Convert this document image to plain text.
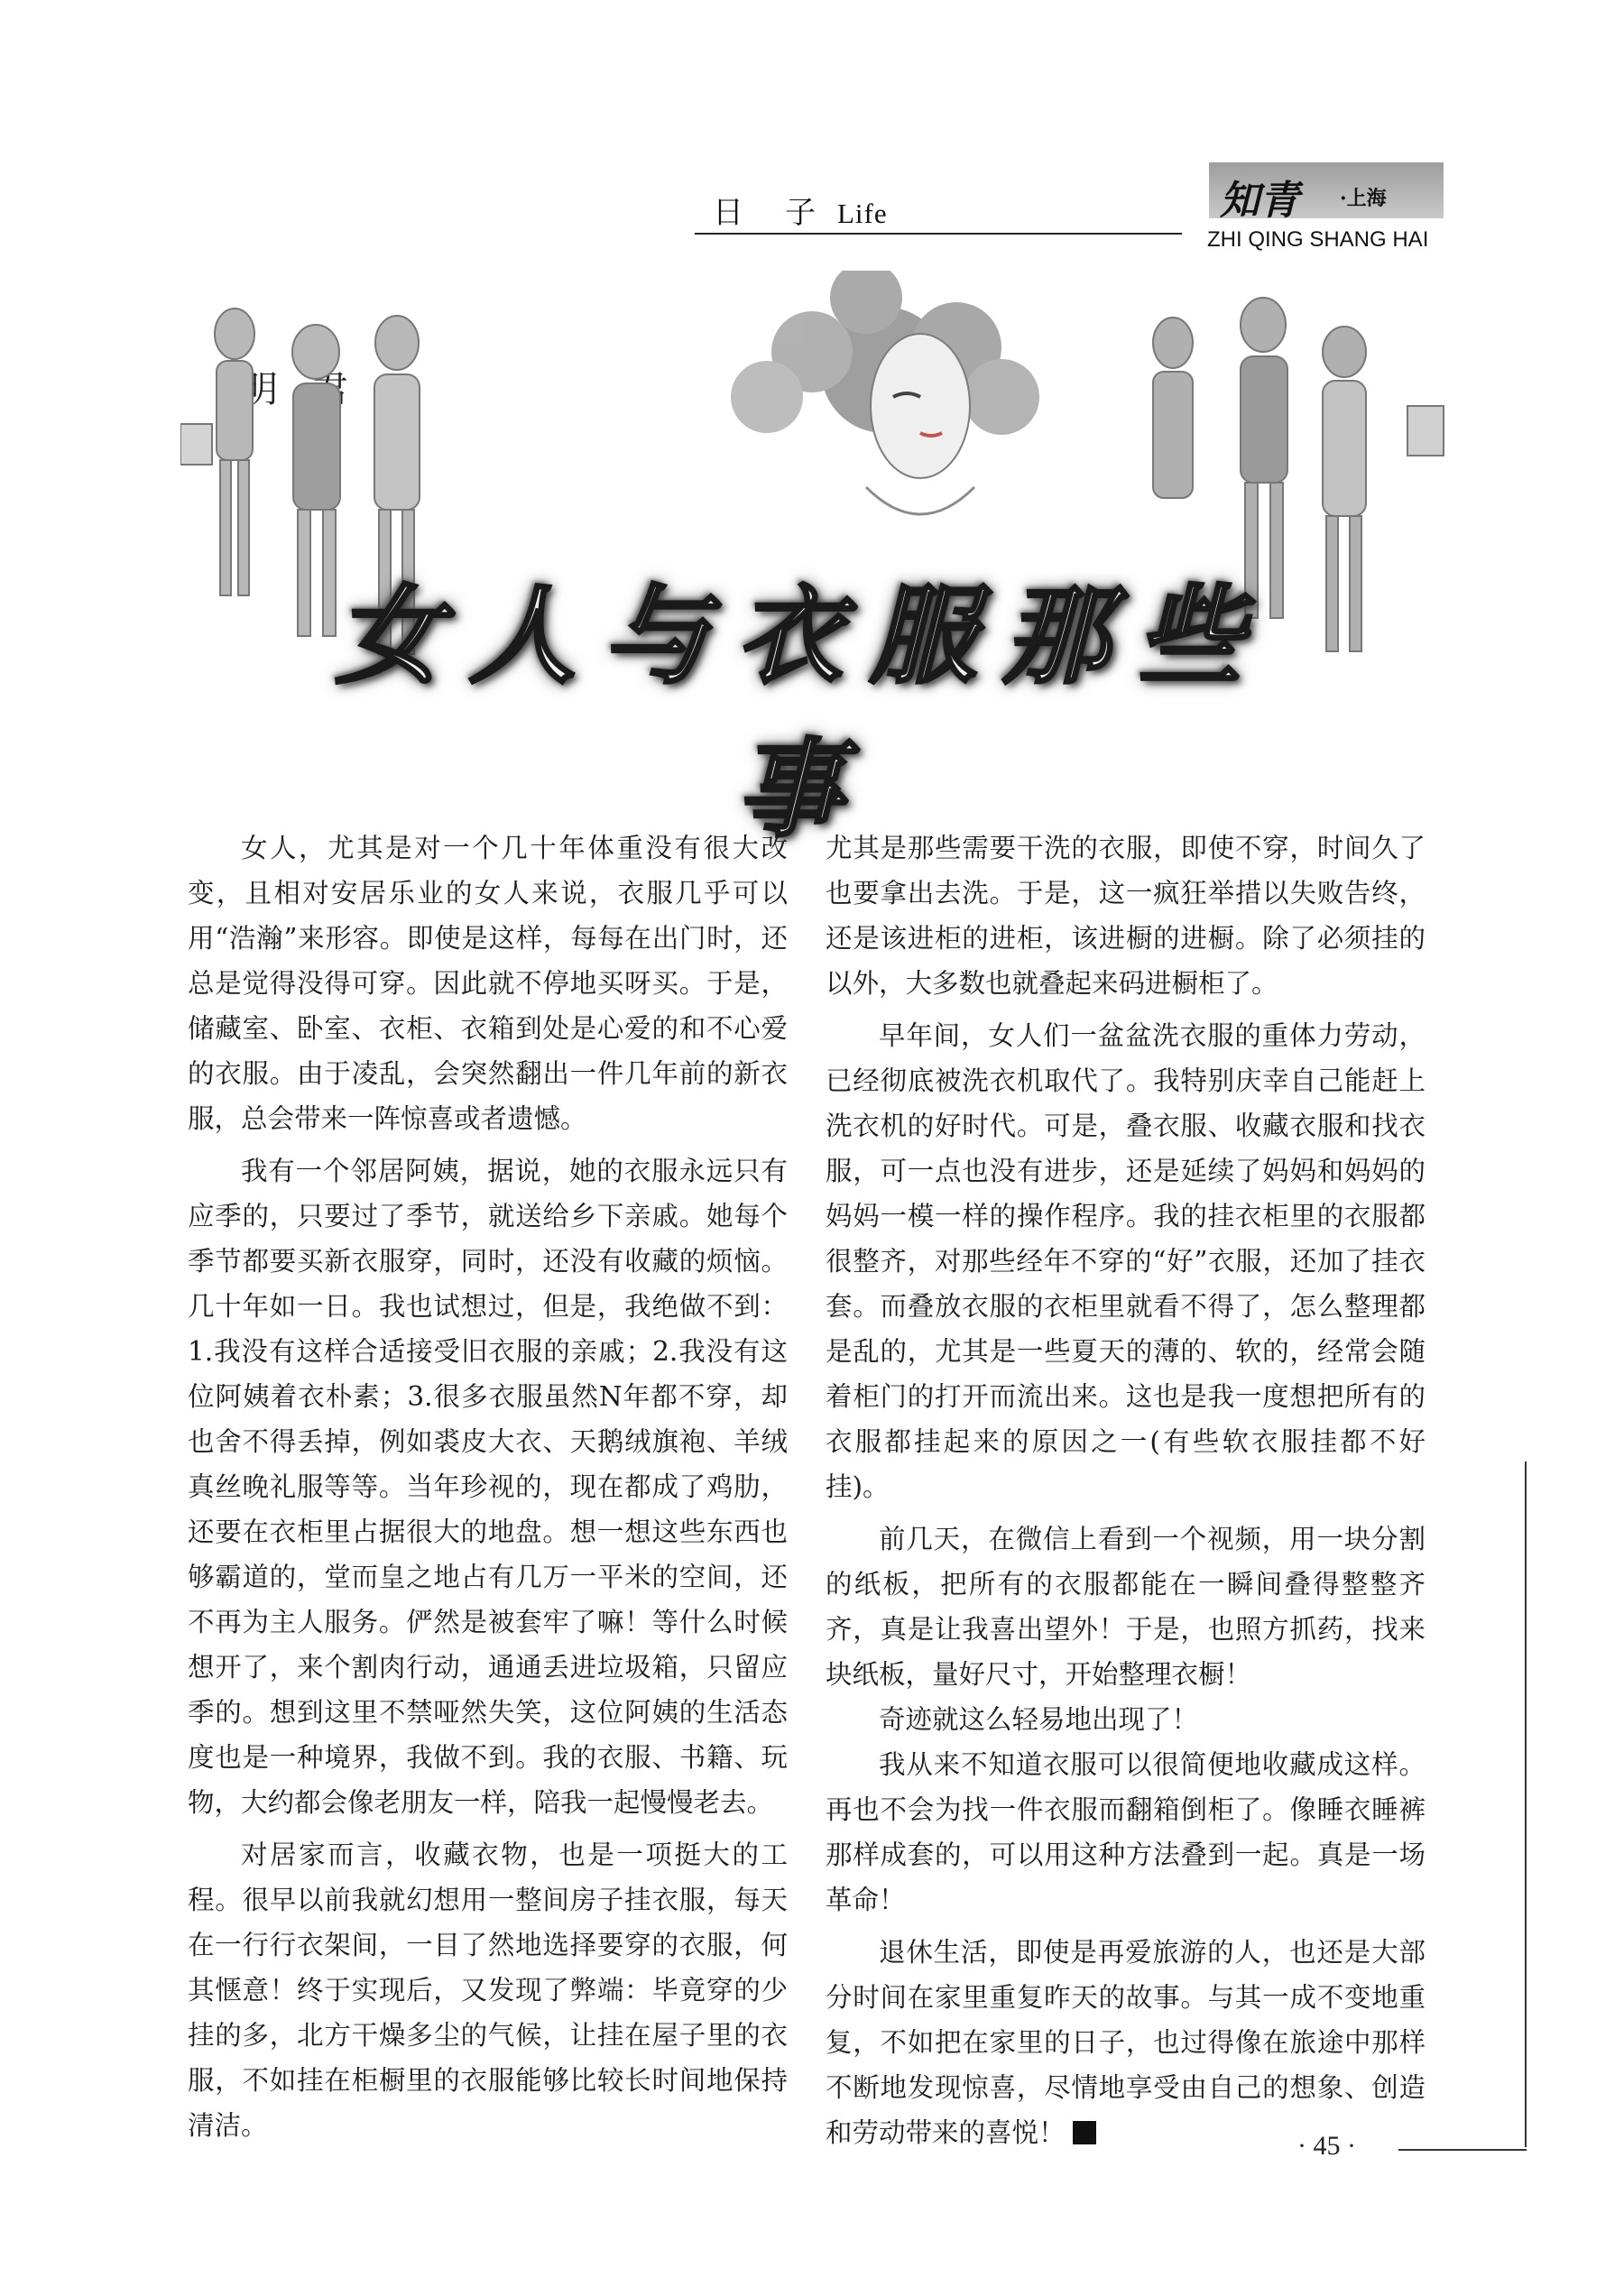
日　子 Life	知青 ·上海
ZHI QING SHANG HAI
女人与衣服那些事

女人，尤其是对一个几十年体重没有很大改变，且相对安居乐业的女人来说，衣服几乎可以用“浩瀚”来形容。即使是这样，每每在出门时，还总是觉得没得可穿。因此就不停地买呀买。于是，储藏室、卧室、衣柜、衣箱到处是心爱的和不心爱的衣服。由于凌乱，会突然翻出一件几年前的新衣服，总会带来一阵惊喜或者遗憾。

我有一个邻居阿姨，据说，她的衣服永远只有应季的，只要过了季节，就送给乡下亲戚。她每个季节都要买新衣服穿，同时，还没有收藏的烦恼。几十年如一日。我也试想过，但是，我绝做不到：1.我没有这样合适接受旧衣服的亲戚；2.我没有这位阿姨着衣朴素；3.很多衣服虽然N年都不穿，却也舍不得丢掉，例如裘皮大衣、天鹅绒旗袍、羊绒真丝晚礼服等等。当年珍视的，现在都成了鸡肋，还要在衣柜里占据很大的地盘。想一想这些东西也够霸道的，堂而皇之地占有几万一平米的空间，还不再为主人服务。俨然是被套牢了嘛！等什么时候想开了，来个割肉行动，通通丢进垃圾箱，只留应季的。想到这里不禁哑然失笑，这位阿姨的生活态度也是一种境界，我做不到。我的衣服、书籍、玩物，大约都会像老朋友一样，陪我一起慢慢老去。

对居家而言，收藏衣物，也是一项挺大的工程。很早以前我就幻想用一整间房子挂衣服，每天在一行行衣架间，一目了然地选择要穿的衣服，何其惬意！终于实现后，又发现了弊端：毕竟穿的少挂的多，北方干燥多尘的气候，让挂在屋子里的衣服，不如挂在柜橱里的衣服能够比较长时间地保持清洁。

尤其是那些需要干洗的衣服，即使不穿，时间久了也要拿出去洗。于是，这一疯狂举措以失败告终，还是该进柜的进柜，该进橱的进橱。除了必须挂的以外，大多数也就叠起来码进橱柜了。

早年间，女人们一盆盆洗衣服的重体力劳动，已经彻底被洗衣机取代了。我特别庆幸自己能赶上洗衣机的好时代。可是，叠衣服、收藏衣服和找衣服，可一点也没有进步，还是延续了妈妈和妈妈的妈妈一模一样的操作程序。我的挂衣柜里的衣服都很整齐，对那些经年不穿的“好”衣服，还加了挂衣套。而叠放衣服的衣柜里就看不得了，怎么整理都是乱的，尤其是一些夏天的薄的、软的，经常会随着柜门的打开而流出来。这也是我一度想把所有的衣服都挂起来的原因之一(有些软衣服挂都不好挂)。

前几天，在微信上看到一个视频，用一块分割的纸板，把所有的衣服都能在一瞬间叠得整整齐齐，真是让我喜出望外！于是，也照方抓药，找来块纸板，量好尺寸，开始整理衣橱！

奇迹就这么轻易地出现了！

我从来不知道衣服可以很简便地收藏成这样。再也不会为找一件衣服而翻箱倒柜了。像睡衣睡裤那样成套的，可以用这种方法叠到一起。真是一场革命！

退休生活，即使是再爱旅游的人，也还是大部分时间在家里重复昨天的故事。与其一成不变地重复，不如把在家里的日子，也过得像在旅途中那样不断地发现惊喜，尽情地享受由自己的想象、创造和劳动带来的喜悦！	· 45 ·
